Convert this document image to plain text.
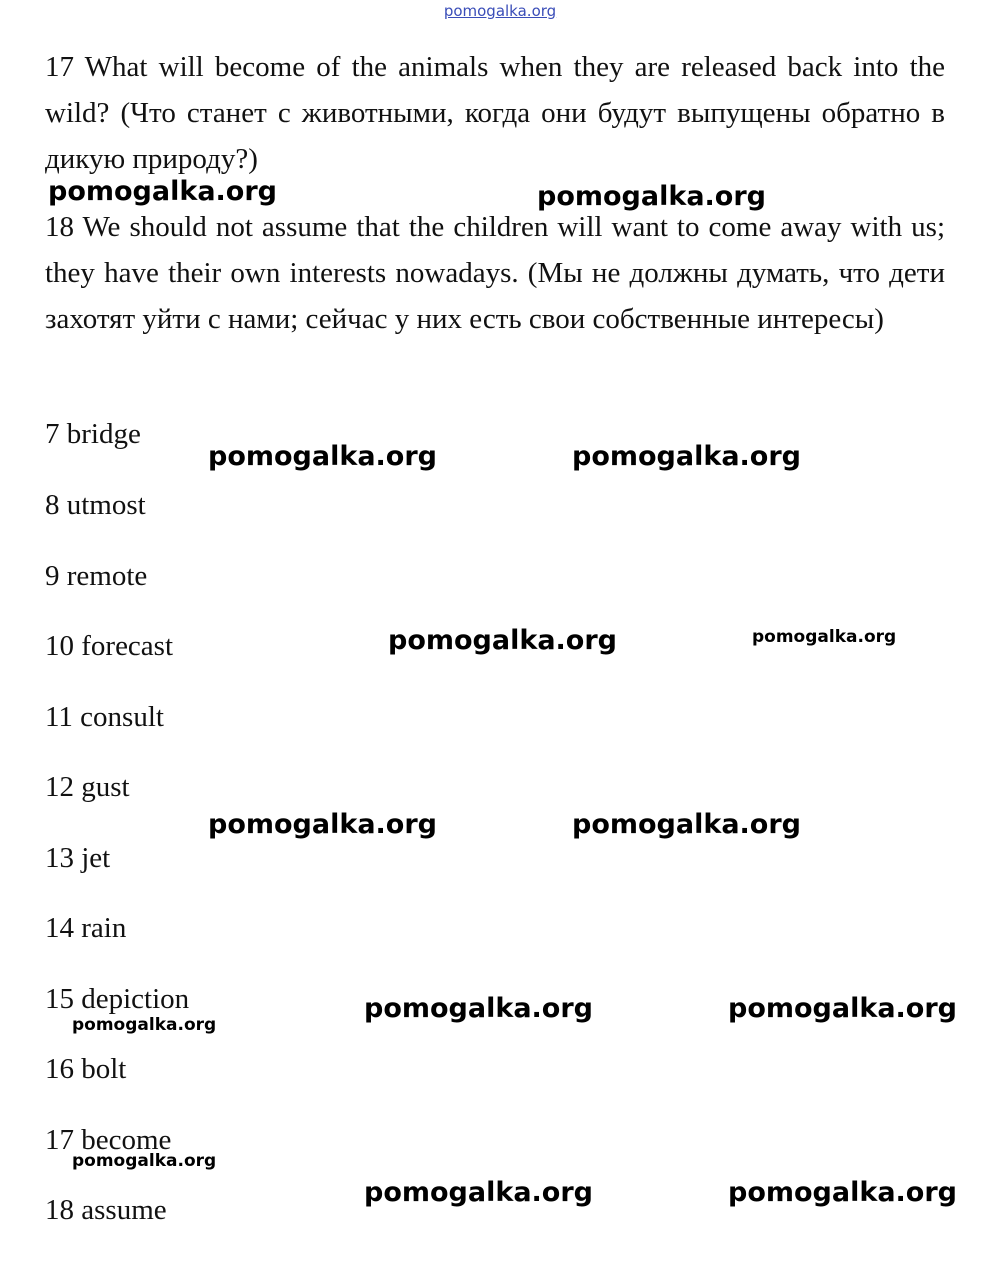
pomogalka.org

17 What will become of the animals when they are released back into the wild? (Что станет с животными, когда они будут выпущены обратно в дикую природу?)

18 We should not assume that the children will want to come away with us; they have their own interests nowadays. (Мы не должны думать, что дети захотят уйти с нами; сейчас у них есть свои собственные интересы)

7 bridge
8 utmost
9 remote
10 forecast
11 consult
12 gust
13 jet
14 rain
15 depiction
16 bolt
17 become
18 assume
pomogalka.org	pomogalka.org
pomogalka.org	pomogalka.org
pomogalka.org	pomogalka.org
pomogalka.org	pomogalka.org
pomogalka.org	pomogalka.org
pomogalka.org
pomogalka.org
pomogalka.org	pomogalka.org
